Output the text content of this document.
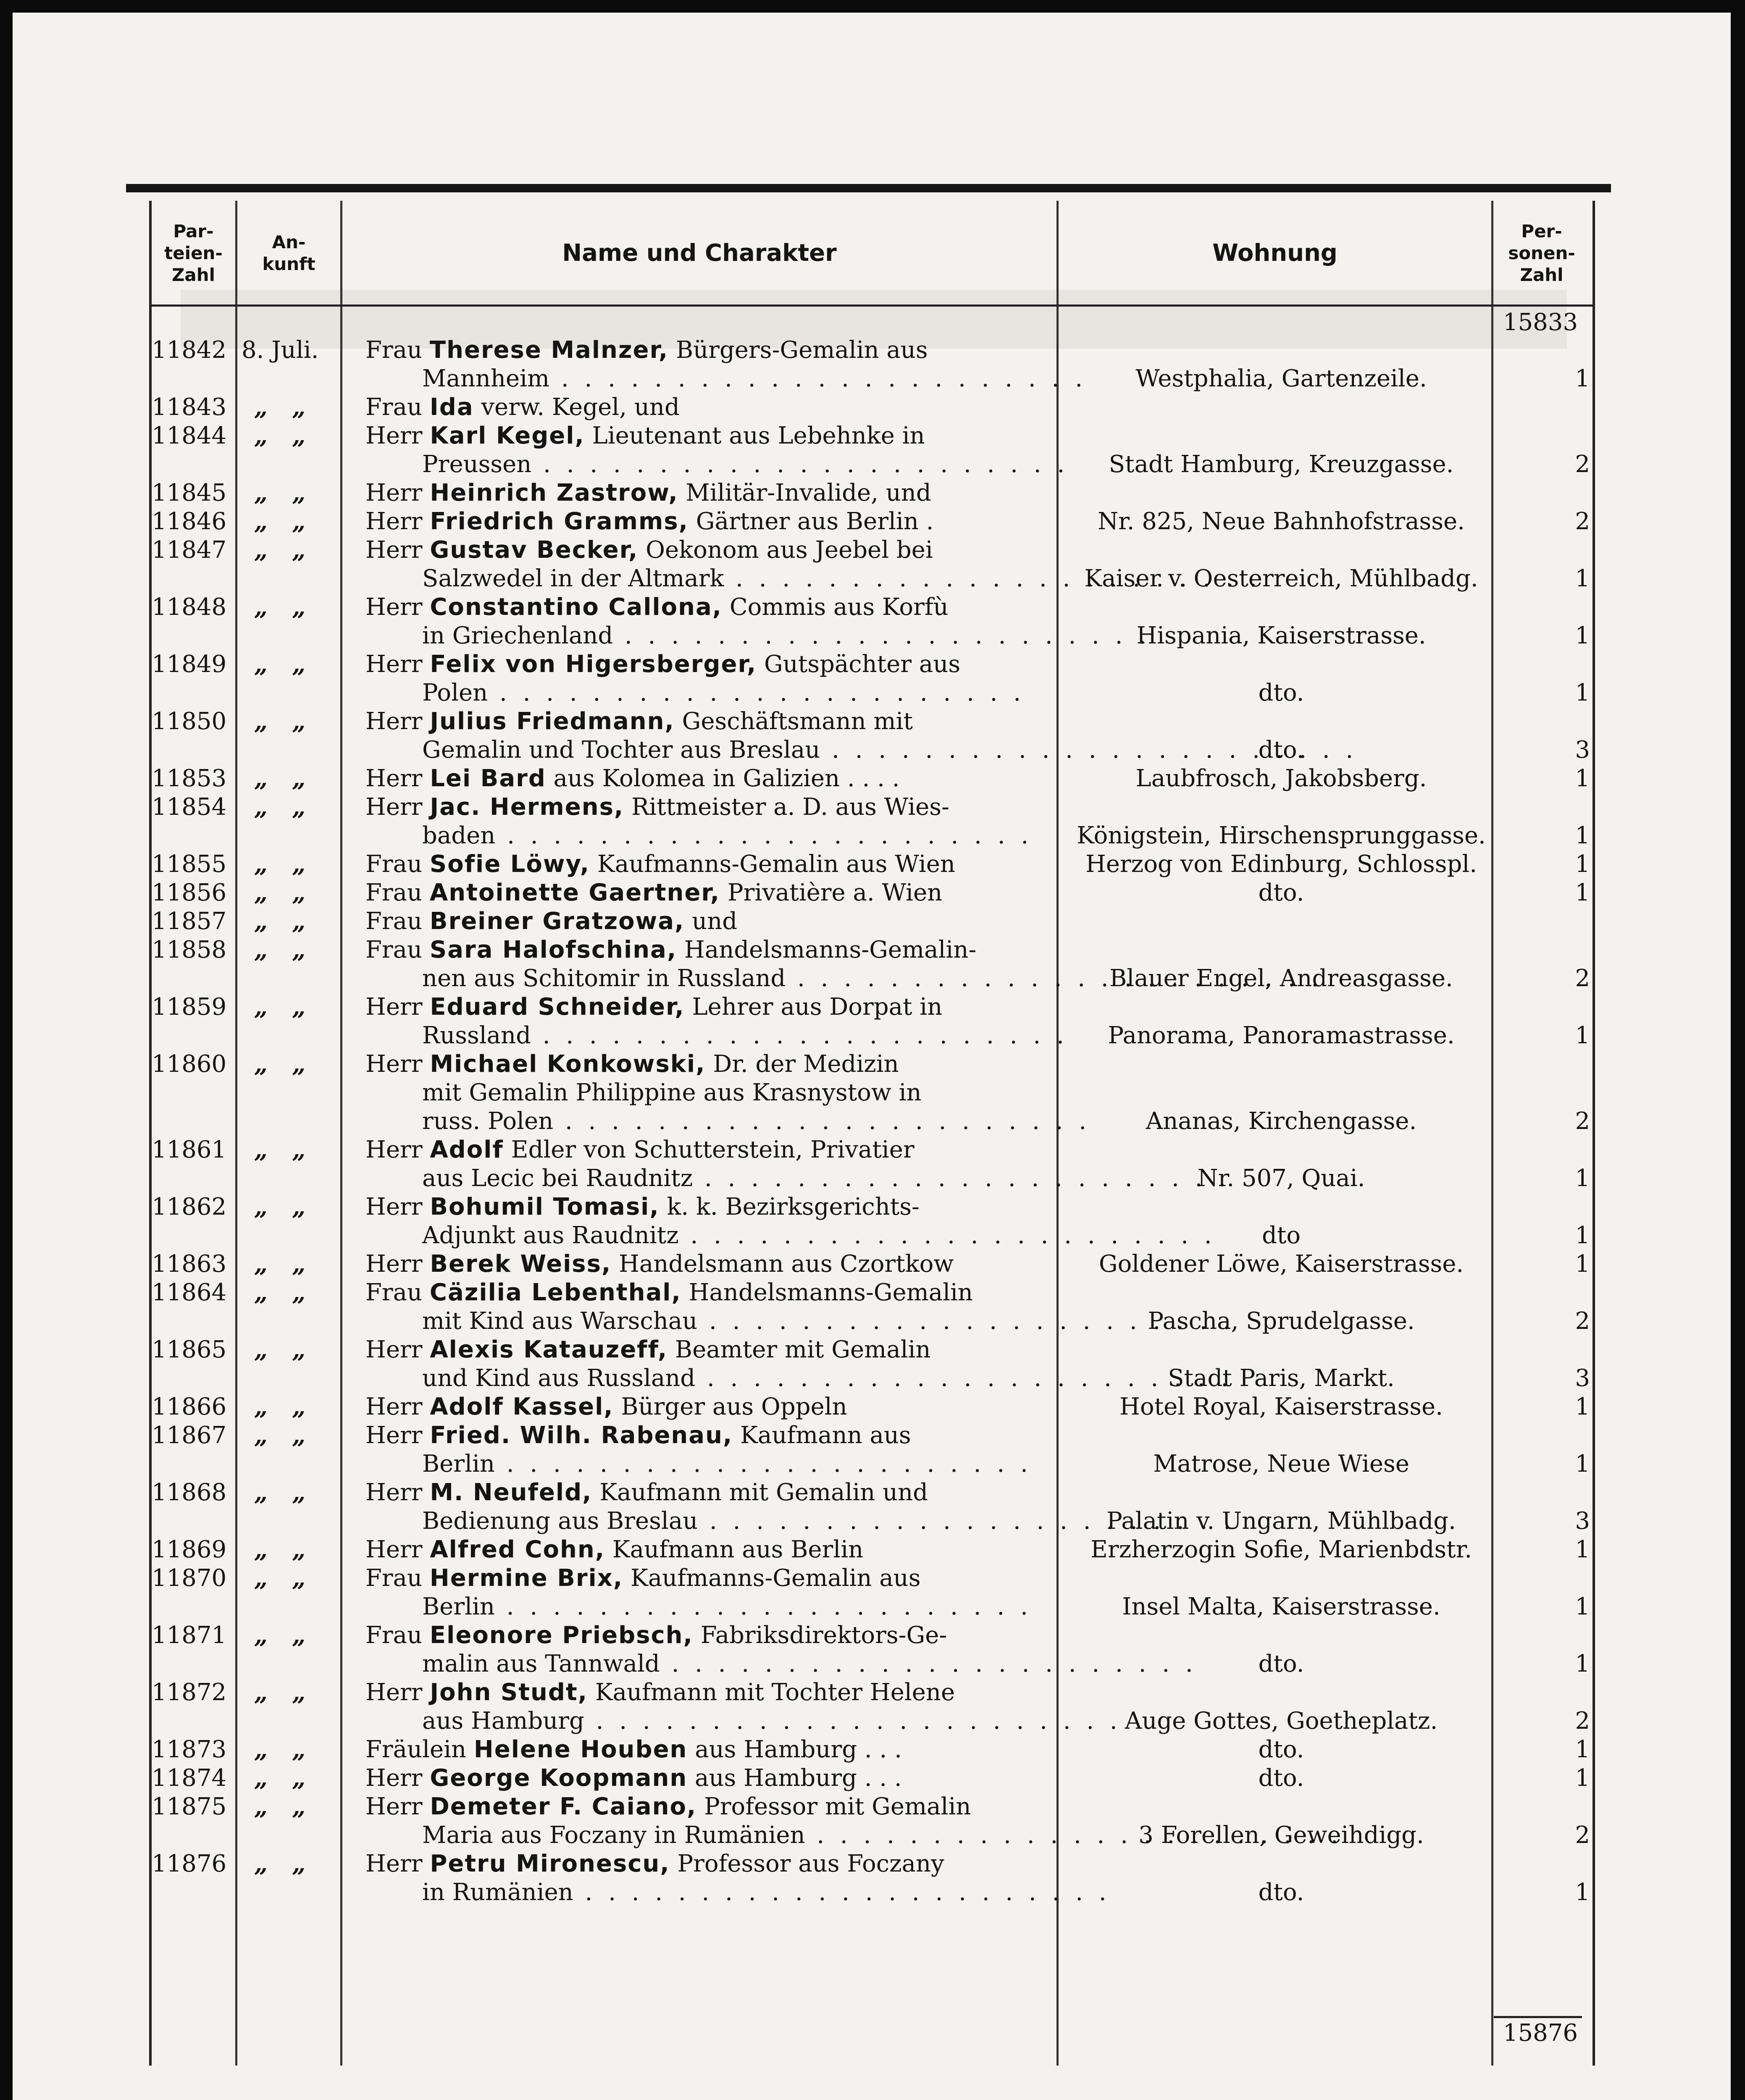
Par-
teien-
Zahl
An-
kunft	Name und Charakter	Wohnung
Per-
sonen-
Zahl
15833
11842 8. Juli.	Frau Therese Malnzer, Bürgers-Gemalin aus
Mannheim . . .	Westphalia, Gartenzeile.	1
11843	„„	Frau Ida verw. Kegel, und
11844	„„	Herr Karl Kegel, Lieutenant aus Lebehnke in
Preussen . . .	Stadt Hamburg, Kreuzgasse.	2
11845	„„	Herr Heinrich Zastrow, Militär-Invalide, und
11846	„„	Herr Friedrich Gramms, Gärtner aus Berlin .	Nr. 825, Neue Bahnhofstrasse.	2
11847	„„	Herr Gustav Becker, Oekonom aus Jeebel bei
Salzwedel in der Altmark . . .	Kaiser v. Oesterreich, Mühlbadg.	1
11848	„„	Herr Constantino Callona, Commis aus Korfù
in Griechenland . . .	Hispania, Kaiserstrasse.	1
11849	„„	Herr Felix von Higersberger, Gutspächter aus
Polen . . .	dto.	1
11850	„„	Herr Julius Friedmann, Geschäftsmann mit
Gemalin und Tochter aus Breslau . . .	dto.	3
11853	„„	Herr Lei Bard aus Kolomea in Galizien . . . .	Laubfrosch, Jakobsberg.	1
11854	„„	Herr Jac. Hermens, Rittmeister a. D. aus Wies-
baden . . .	Königstein, Hirschensprunggasse.	1
11855	„„	Frau Sofie Löwy, Kaufmanns-Gemalin aus Wien	Herzog von Edinburg, Schlosspl.	1
11856	„„	Frau Antoinette Gaertner, Privatière a. Wien	dto.	1
11857	„„	Frau Breiner Gratzowa, und
11858	„„	Frau Sara Halofschina, Handelsmanns-Gemalin-
nen aus Schitomir in Russland . . .	Blauer Engel, Andreasgasse.	2
11859	„„	Herr Eduard Schneider, Lehrer aus Dorpat in
Russland . . .	Panorama, Panoramastrasse.	1
11860	„„	Herr Michael Konkowski, Dr. der Medizin
mit Gemalin Philippine aus Krasnystow in
russ. Polen . . .	Ananas, Kirchengasse.	2
11861	„„	Herr Adolf Edler von Schutterstein, Privatier
aus Lecic bei Raudnitz . . .	Nr. 507, Quai.	1
11862	„„	Herr Bohumil Tomasi, k. k. Bezirksgerichts-
Adjunkt aus Raudnitz . . .	dto	1
11863	„„	Herr Berek Weiss, Handelsmann aus Czortkow	Goldener Löwe, Kaiserstrasse.	1
11864	„„	Frau Cäzilia Lebenthal, Handelsmanns-Gemalin
mit Kind aus Warschau . . .	Pascha, Sprudelgasse.	2
11865	„„	Herr Alexis Katauzeff, Beamter mit Gemalin
und Kind aus Russland . . .	Stadt Paris, Markt.	3
11866	„„	Herr Adolf Kassel, Bürger aus Oppeln	Hotel Royal, Kaiserstrasse.	1
11867	„„	Herr Fried. Wilh. Rabenau, Kaufmann aus
Berlin . . .	Matrose, Neue Wiese	1
11868	„„	Herr M. Neufeld, Kaufmann mit Gemalin und
Bedienung aus Breslau . . .	Palatin v. Ungarn, Mühlbadg.	3
11869	„„	Herr Alfred Cohn, Kaufmann aus Berlin	Erzherzogin Sofie, Marienbdstr.	1
11870	„„	Frau Hermine Brix, Kaufmanns-Gemalin aus
Berlin . . .	Insel Malta, Kaiserstrasse.	1
11871	„„	Frau Eleonore Priebsch, Fabriksdirektors-Ge-
malin aus Tannwald . . .	dto.	1
11872	„„	Herr John Studt, Kaufmann mit Tochter Helene
aus Hamburg . . .	Auge Gottes, Goetheplatz.	2
11873	„„	Fräulein Helene Houben aus Hamburg . . .	dto.	1
11874	„„	Herr George Koopmann aus Hamburg . . .	dto.	1
11875	„„	Herr Demeter F. Caiano, Professor mit Gemalin
Maria aus Foczany in Rumänien . . .	3 Forellen, Geweihdigg.	2
11876	„„	Herr Petru Mironescu, Professor aus Foczany
in Rumänien . . .	dto.	1
15876
